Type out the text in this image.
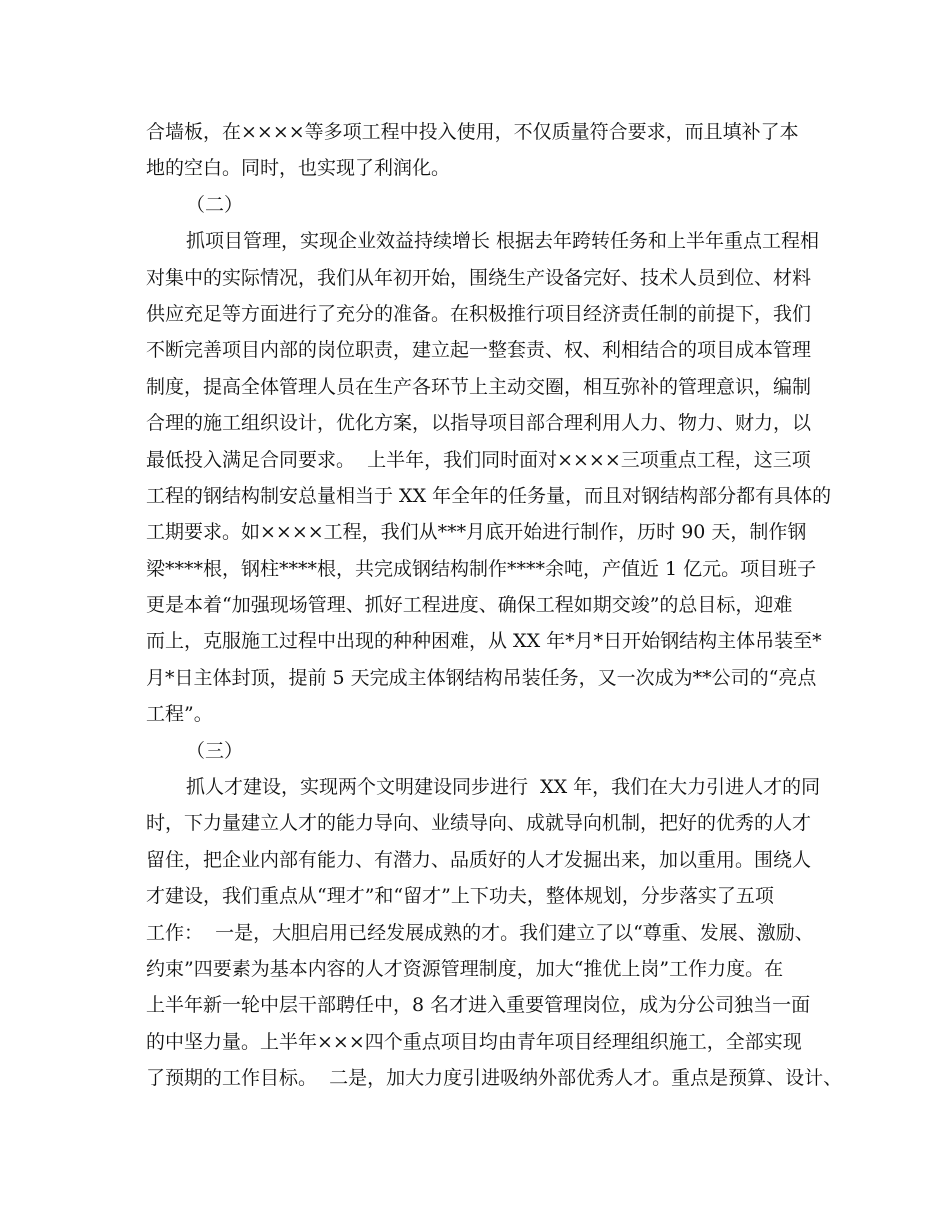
合墙板，在××××等多项工程中投入使用，不仅质量符合要求，而且填补了本
地的空白。同时，也实现了利润化。
（二）
抓项目管理，实现企业效益持续增长 根据去年跨转任务和上半年重点工程相
对集中的实际情况，我们从年初开始，围绕生产设备完好、技术人员到位、材料
供应充足等方面进行了充分的准备。在积极推行项目经济责任制的前提下，我们
不断完善项目内部的岗位职责，建立起一整套责、权、利相结合的项目成本管理
制度，提高全体管理人员在生产各环节上主动交圈，相互弥补的管理意识，编制
合理的施工组织设计，优化方案，以指导项目部合理利用人力、物力、财力，以
最低投入满足合同要求。  上半年，我们同时面对××××三项重点工程，这三项
工程的钢结构制安总量相当于 XX 年全年的任务量，而且对钢结构部分都有具体的
工期要求。如××××工程，我们从***月底开始进行制作，历时 90 天，制作钢
梁****根，钢柱****根，共完成钢结构制作****余吨，产值近 1 亿元。项目班子
更是本着“加强现场管理、抓好工程进度、确保工程如期交竣”的总目标，迎难
而上，克服施工过程中出现的种种困难，从 XX 年*月*日开始钢结构主体吊装至*
月*日主体封顶，提前 5 天完成主体钢结构吊装任务，又一次成为**公司的“亮点
工程”。
（三）
抓人才建设，实现两个文明建设同步进行  XX 年，我们在大力引进人才的同
时，下力量建立人才的能力导向、业绩导向、成就导向机制，把好的优秀的人才
留住，把企业内部有能力、有潜力、品质好的人才发掘出来，加以重用。围绕人
才建设，我们重点从“理才”和“留才”上下功夫，整体规划，分步落实了五项
工作：  一是，大胆启用已经发展成熟的才。我们建立了以“尊重、发展、激励、
约束”四要素为基本内容的人才资源管理制度，加大“推优上岗”工作力度。在
上半年新一轮中层干部聘任中，8 名才进入重要管理岗位，成为分公司独当一面
的中坚力量。上半年×××四个重点项目均由青年项目经理组织施工，全部实现
了预期的工作目标。  二是，加大力度引进吸纳外部优秀人才。重点是预算、设计、
